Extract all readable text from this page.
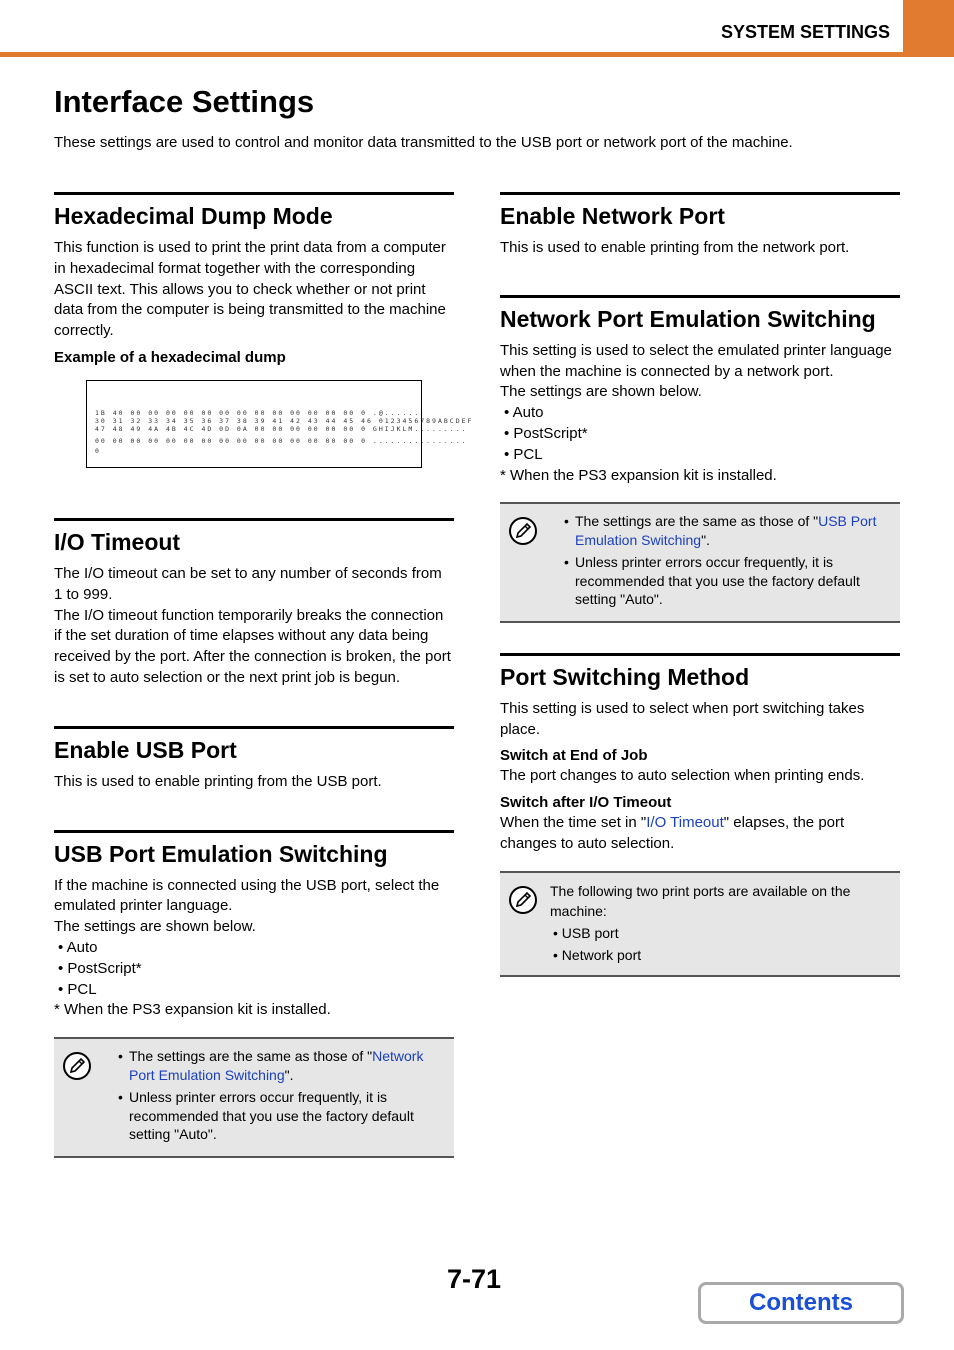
SYSTEM SETTINGS
Interface Settings

These settings are used to control and monitor data transmitted to the USB port or network port of the machine.

Hexadecimal Dump Mode

This function is used to print the print data from a computer in hexadecimal format together with the corresponding ASCII text. This allows you to check whether or not print data from the computer is being transmitted to the machine correctly.

Example of a hexadecimal dump
1B 40 00 00 00 00 00 00 00 00 00 00 00 00 00 0 .@......
30 31 32 33 34 35 36 37 38 39 41 42 43 44 45 46 0123456789ABCDEF
47 48 49 4A 4B 4C 4D 0D 0A 00 00 00 00 00 00 0 GHIJKLM.........
00 00 00 00 00 00 00 00 00 00 00 00 00 00 00 0 ................
0
I/O Timeout

The I/O timeout can be set to any number of seconds from 1 to 999.

The I/O timeout function temporarily breaks the connection if the set duration of time elapses without any data being received by the port. After the connection is broken, the port is set to auto selection or the next print job is begun.

Enable USB Port

This is used to enable printing from the USB port.

USB Port Emulation Switching

If the machine is connected using the USB port, select the emulated printer language.

The settings are shown below.

• Auto
• PostScript*
• PCL

* When the PS3 expansion kit is installed.

• The settings are the same as those of "Network Port Emulation Switching".
• Unless printer errors occur frequently, it is recommended that you use the factory default setting "Auto".
Enable Network Port

This is used to enable printing from the network port.

Network Port Emulation Switching

This setting is used to select the emulated printer language when the machine is connected by a network port.

The settings are shown below.

• Auto
• PostScript*
• PCL

* When the PS3 expansion kit is installed.

• The settings are the same as those of "USB Port Emulation Switching".
• Unless printer errors occur frequently, it is recommended that you use the factory default setting "Auto".
Port Switching Method

This setting is used to select when port switching takes place.

Switch at End of Job

The port changes to auto selection when printing ends.

Switch after I/O Timeout

When the time set in "I/O Timeout" elapses, the port changes to auto selection.

The following two print ports are available on the machine:

• USB port

• Network port

7-71
Contents
